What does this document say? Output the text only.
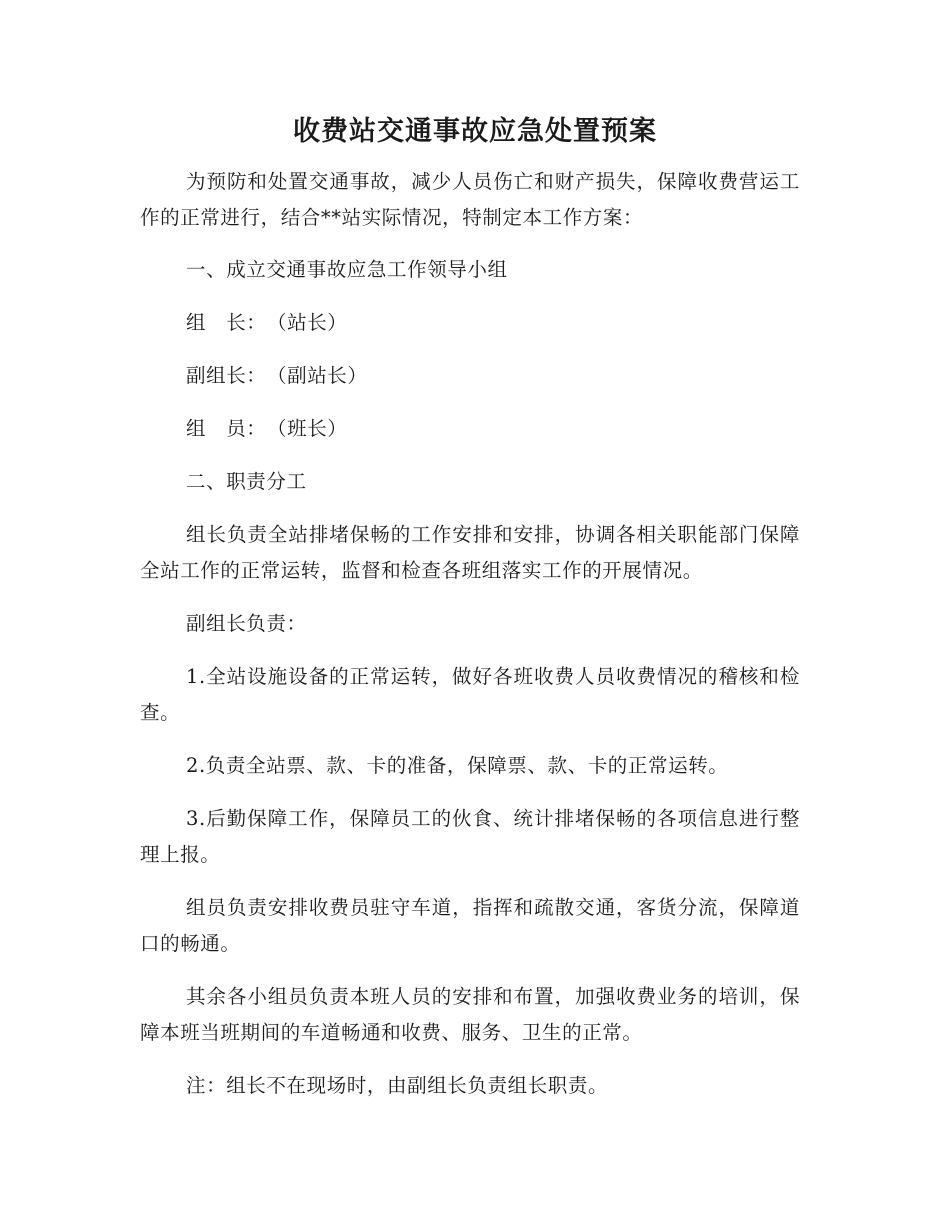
收费站交通事故应急处置预案
为预防和处置交通事故，减少人员伤亡和财产损失，保障收费营运工作的正常进行，结合**站实际情况，特制定本工作方案：
一、成立交通事故应急工作领导小组
组　长：　（站长）
副组长：　（副站长）
组　员：　（班长）
二、职责分工
组长负责全站排堵保畅的工作安排和安排，协调各相关职能部门保障全站工作的正常运转，监督和检查各班组落实工作的开展情况。
副组长负责：
1.全站设施设备的正常运转，做好各班收费人员收费情况的稽核和检查。
2.负责全站票、款、卡的准备，保障票、款、卡的正常运转。
3.后勤保障工作，保障员工的伙食、统计排堵保畅的各项信息进行整理上报。
组员负责安排收费员驻守车道，指挥和疏散交通，客货分流，保障道口的畅通。
其余各小组员负责本班人员的安排和布置，加强收费业务的培训，保障本班当班期间的车道畅通和收费、服务、卫生的正常。
注：组长不在现场时，由副组长负责组长职责。
